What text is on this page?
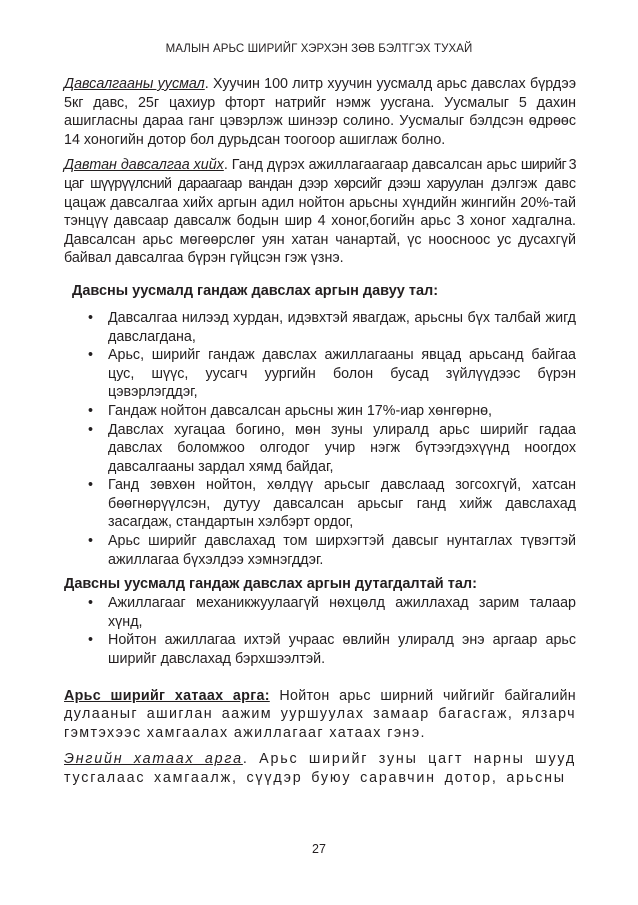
МАЛЫН АРЬС ШИРИЙГ ХЭРХЭН ЗӨВ БЭЛТГЭХ ТУХАЙ

Давсалгааны уусмал. Хуучин 100 литр хуучин уусмалд арьс давслах бүрдээ 5кг давс, 25г цахиур фторт натрийг нэмж уусгана. Уусмалыг 5 дахин ашигласны дараа ганг цэвэрлэж шинээр солино. Уусмалыг бэлдсэн өдрөөс 14 хоногийн дотор бол дурьдсан тоогоор ашиглаж болно.

Давтан давсалгаа хийх. Ганд дүрэх ажиллагаагаар давсалсан арьс ширийг 3 цаг шүүрүүлсний дараагаар вандан дээр хөрсийг дээш харуулан дэлгэж давс цацаж давсалгаа хийх аргын адил нойтон арьсны хүндийн жингийн 20%-тай тэнцүү давсаар давсалж бодын шир 4 хоног,богийн арьс 3 хоног хадгална. Давсалсан арьс мөгөөрслөг уян хатан чанартай, үс ноосноос ус дусахгүй байвал давсалгаа бүрэн гүйцсэн гэж үзнэ.

Давсны уусмалд гандаж давслах аргын давуу тал:
• Давсалгаа нилээд хурдан, идэвхтэй явагдаж, арьсны бүх талбай жигд давслагдана,
• Арьс, ширийг гандаж давслах ажиллагааны явцад арьсанд байгаа цус, шүүс, уусагч уургийн болон бусад зүйлүүдээс бүрэн цэвэрлэгддэг,
• Гандаж нойтон давсалсан арьсны жин 17%-иар хөнгөрнө,
• Давслах хугацаа богино, мөн зуны улиралд арьс ширийг гадаа давслах боломжоо олгодог учир нэгж бүтээгдэхүүнд ноогдох давсалгааны зардал хямд байдаг,
• Ганд зөвхөн нойтон, хөлдүү арьсыг давслаад зогсохгүй, хатсан бөөгнөрүүлсэн, дутуу давсалсан арьсыг ганд хийж давслахад засагдаж, стандартын хэлбэрт ордог,
• Арьс ширийг давслахад том ширхэгтэй давсыг нунтаглах түвэгтэй ажиллагаа бүхэлдээ хэмнэгддэг.
Давсны уусмалд гандаж давслах аргын дутагдалтай тал:
• Ажиллагааг механикжуулаагүй нөхцөлд ажиллахад зарим талаар хүнд,
• Нойтон ажиллагаа ихтэй учраас өвлийн улиралд энэ аргаар арьс ширийг давслахад бэрхшээлтэй.

Арьс ширийг хатаах арга: Нойтон арьс ширний чийгийг байгалийн дулааныг ашиглан аажим ууршуулах замаар багасгаж, ялзарч гэмтэхээс хамгаалах ажиллагааг хатаах гэнэ.

Энгийн хатаах арга. Арьс ширийг зуны цагт нарны шууд тусгалаас хамгаалж, сүүдэр буюу саравчин дотор, арьсны

27
